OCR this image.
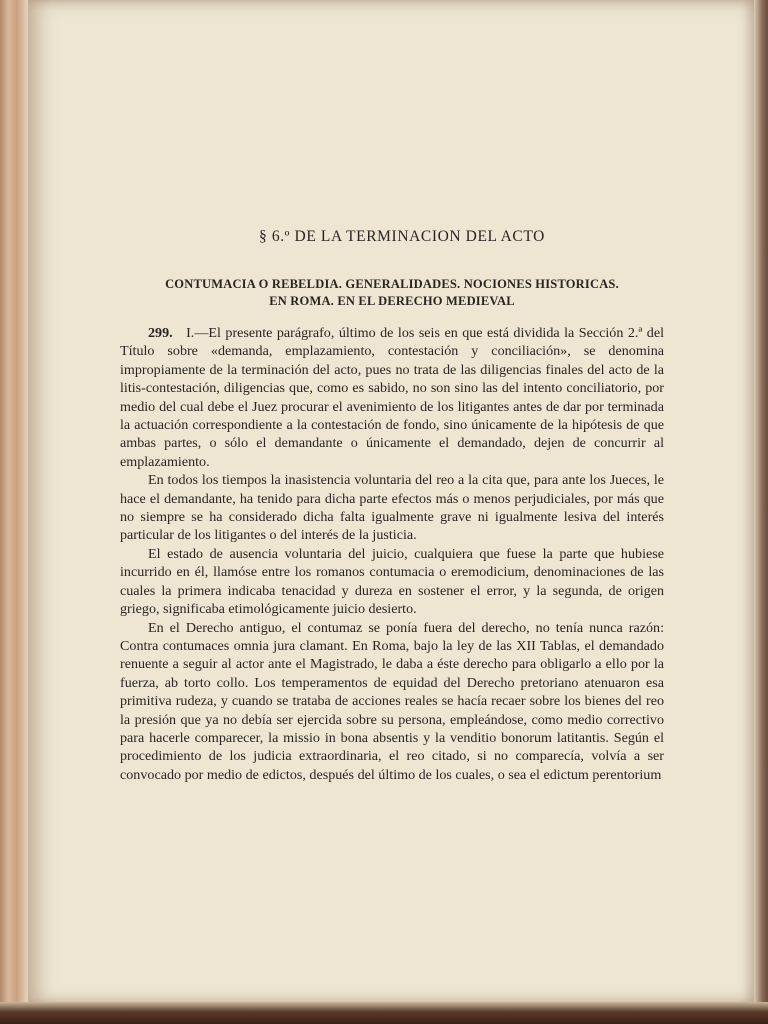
§ 6.º DE LA TERMINACION DEL ACTO
CONTUMACIA O REBELDIA. GENERALIDADES. NOCIONES HISTORICAS.
EN ROMA. EN EL DERECHO MEDIEVAL

299. I.—El presente parágrafo, último de los seis en que está dividida la Sección 2.ª del Título sobre «demanda, emplazamiento, contestación y conciliación», se denomina impropiamente de la terminación del acto, pues no trata de las diligencias finales del acto de la litis-contestación, diligencias que, como es sabido, no son sino las del intento conciliatorio, por medio del cual debe el Juez procurar el avenimiento de los litigantes antes de dar por terminada la actuación correspondiente a la contestación de fondo, sino únicamente de la hipótesis de que ambas partes, o sólo el demandante o únicamente el demandado, dejen de concurrir al emplazamiento.

En todos los tiempos la inasistencia voluntaria del reo a la cita que, para ante los Jueces, le hace el demandante, ha tenido para dicha parte efectos más o menos perjudiciales, por más que no siempre se ha considerado dicha falta igualmente grave ni igualmente lesiva del interés particular de los litigantes o del interés de la justicia.

El estado de ausencia voluntaria del juicio, cualquiera que fuese la parte que hubiese incurrido en él, llamóse entre los romanos contumacia o eremodicium, denominaciones de las cuales la primera indicaba tenacidad y dureza en sostener el error, y la segunda, de origen griego, significaba etimológicamente juicio desierto.

En el Derecho antiguo, el contumaz se ponía fuera del derecho, no tenía nunca razón: Contra contumaces omnia jura clamant. En Roma, bajo la ley de las XII Tablas, el demandado renuente a seguir al actor ante el Magistrado, le daba a éste derecho para obligarlo a ello por la fuerza, ab torto collo. Los temperamentos de equidad del Derecho pretoriano atenuaron esa primitiva rudeza, y cuando se trataba de acciones reales se hacía recaer sobre los bienes del reo la presión que ya no debía ser ejercida sobre su persona, empleándose, como medio correctivo para hacerle comparecer, la missio in bona absentis y la venditio bonorum latitantis. Según el procedimiento de los judicia extraordinaria, el reo citado, si no comparecía, volvía a ser convocado por medio de edictos, después del último de los cuales, o sea el edictum perentorium
